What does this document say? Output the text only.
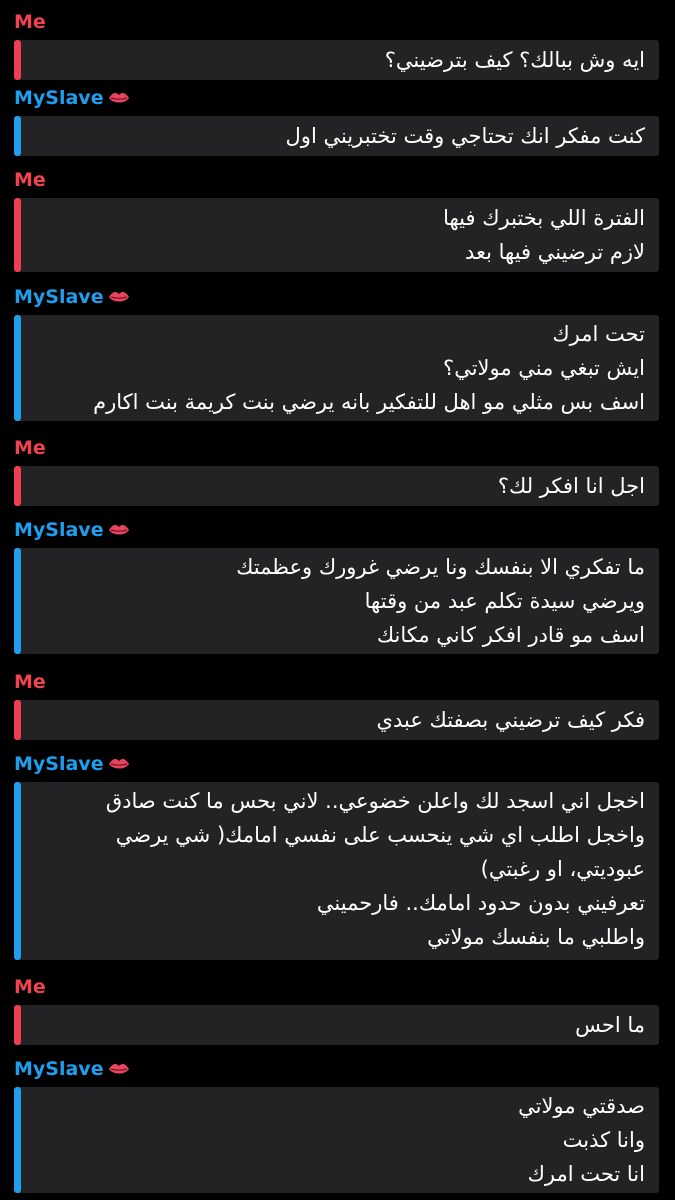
Me
ايه وش ببالك؟ كيف بترضيني؟
MySlave
كنت مفكر انك تحتاجي وقت تختبريني اول
Me
الفترة اللي بختبرك فيها
لازم ترضيني فيها بعد
MySlave
تحت امرك
ايش تبغي مني مولاتي؟
اسف بس مثلي مو اهل للتفكير بانه يرضي بنت كريمة بنت اكارم
Me
اجل انا افكر لك؟
MySlave
ما تفكري الا بنفسك ونا يرضي غرورك وعظمتك
ويرضي سيدة تكلم عبد من وقتها
اسف مو قادر افكر كاني مكانك
Me
فكر كيف ترضيني بصفتك عبدي
MySlave
اخجل اني اسجد لك واعلن خضوعي.. لاني بحس ما كنت صادق
واخجل اطلب اي شي ينحسب على نفسي امامك( شي يرضي
عبوديتي، او رغبتي)
تعرفيني بدون حدود امامك.. فارحميني
واطلبي ما بنفسك مولاتي
Me
ما احس
MySlave
صدقتي مولاتي
وانا كذبت
انا تحت امرك
